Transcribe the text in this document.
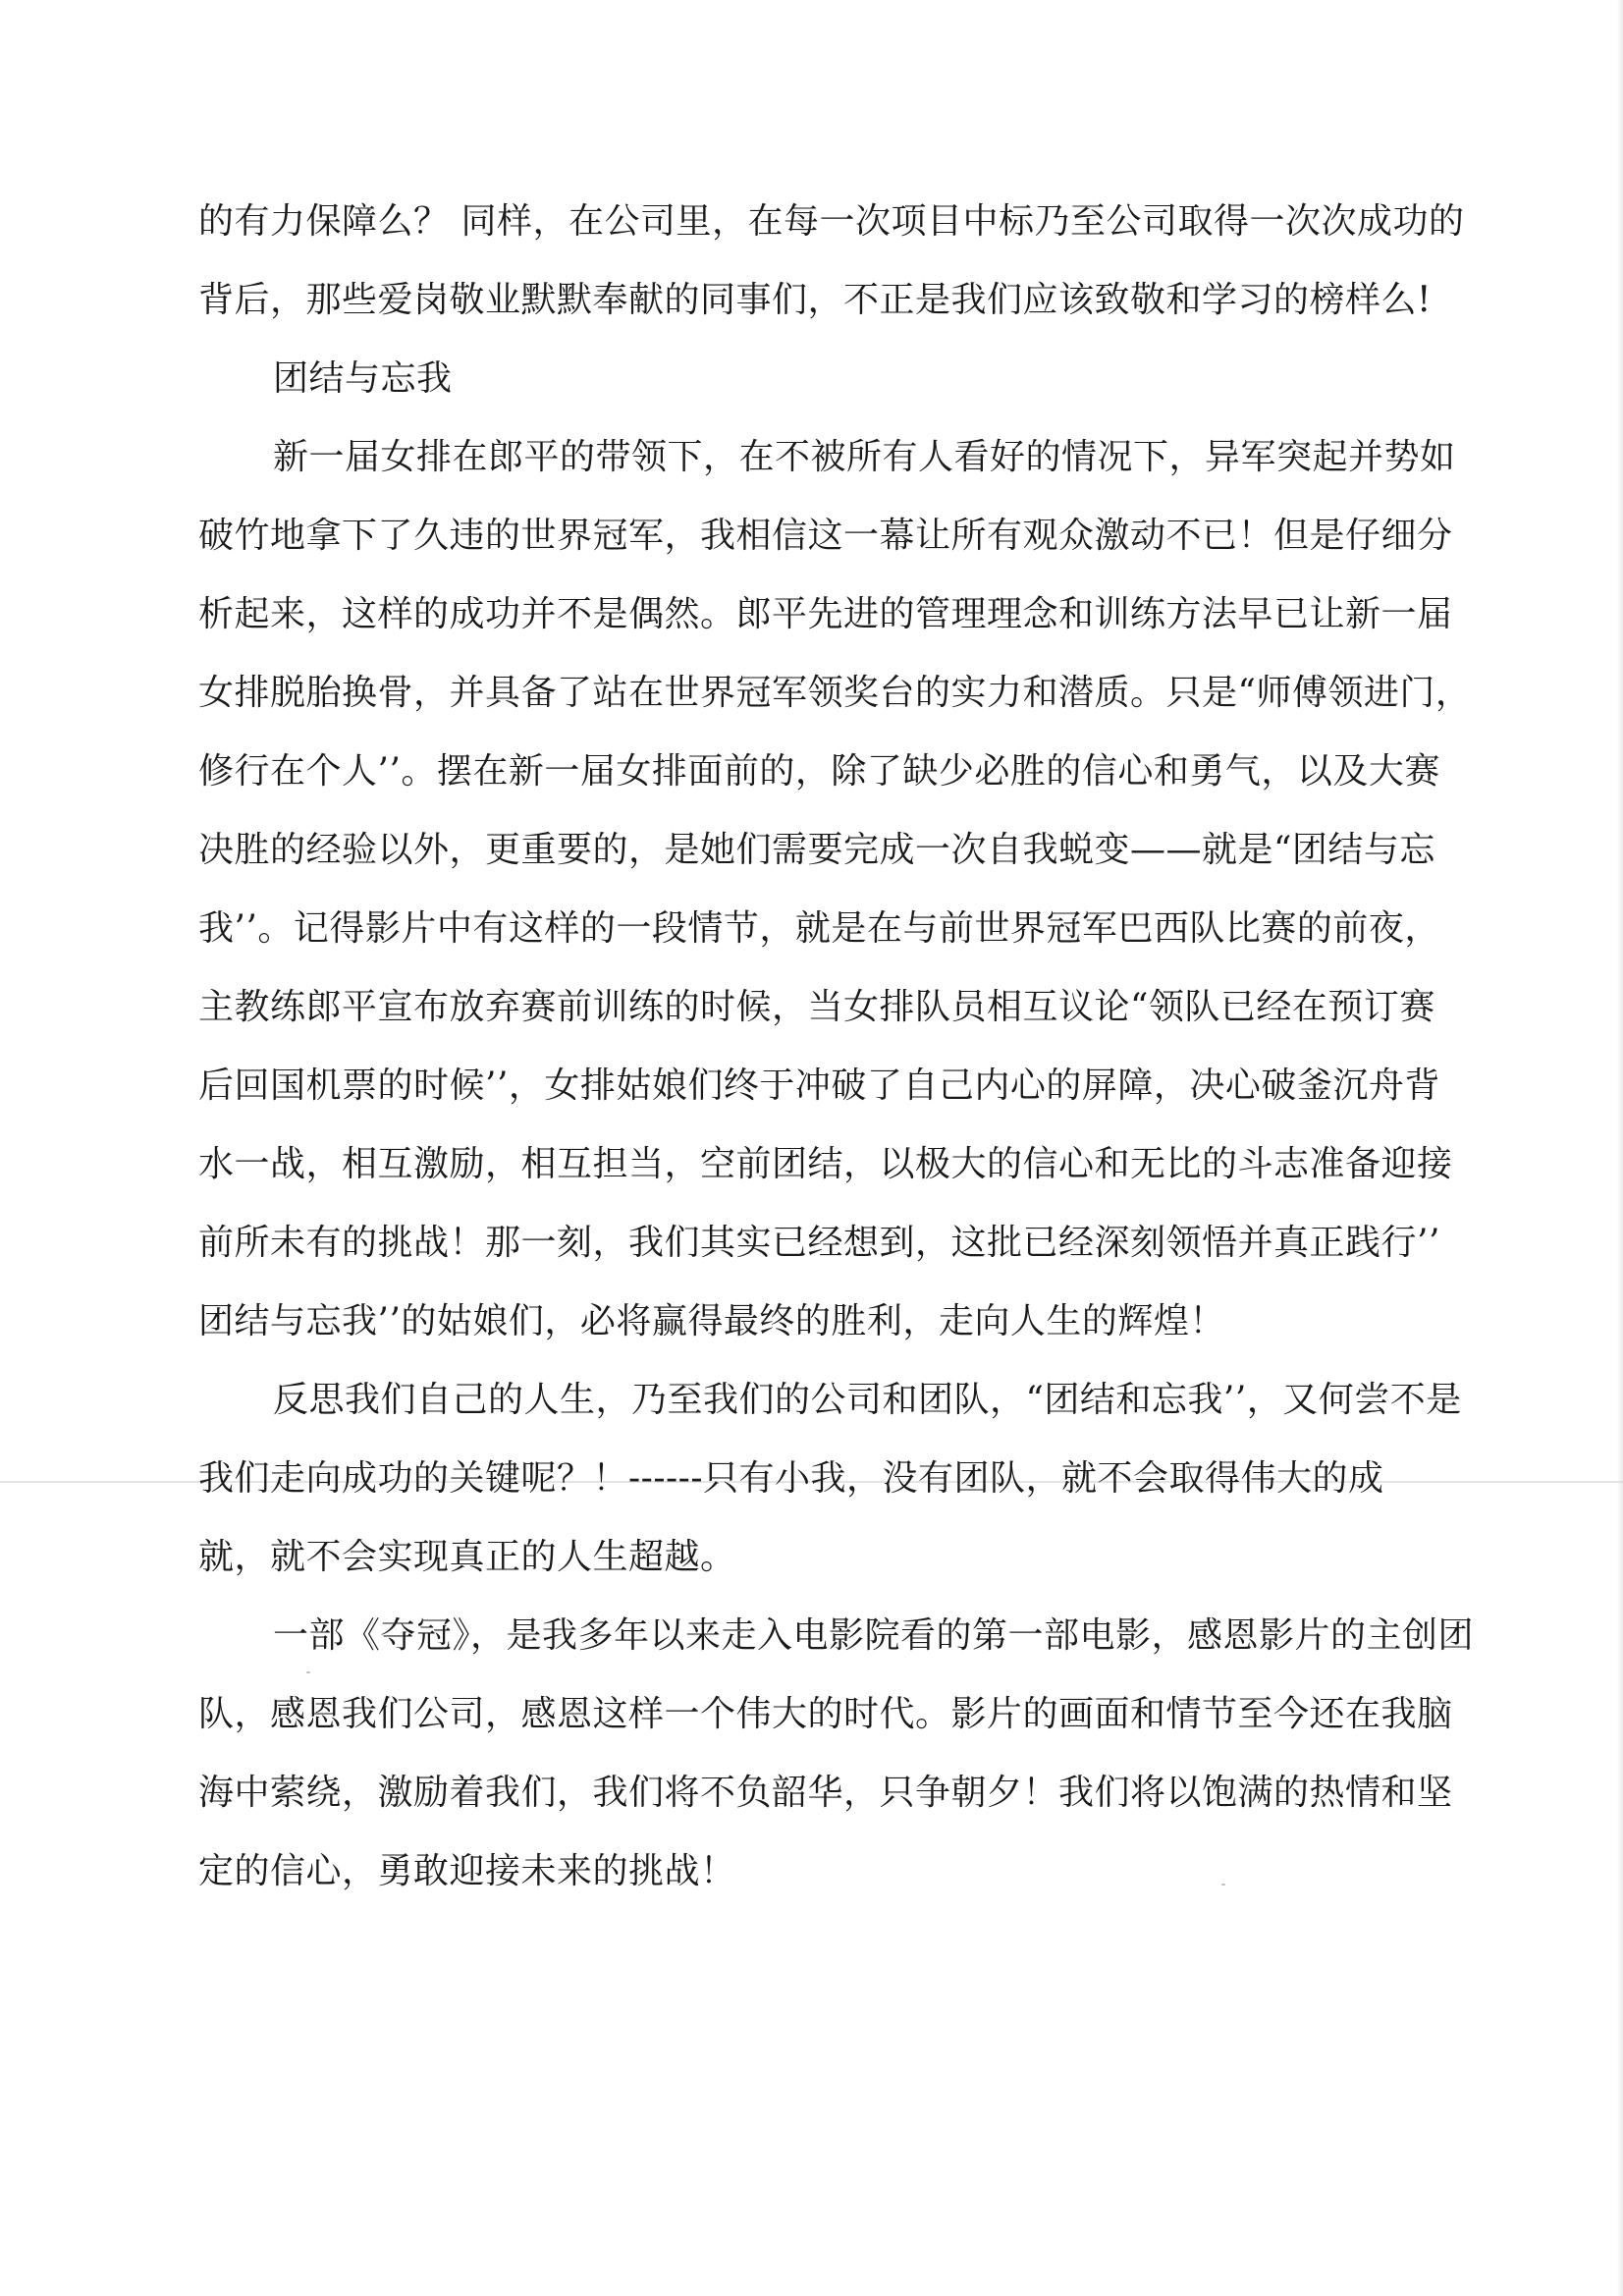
的有力保障么？ 同样，在公司里，在每一次项目中标乃至公司取得一次次成功的
背后，那些爱岗敬业默默奉献的同事们，不正是我们应该致敬和学习的榜样么!
团结与忘我
新一届女排在郎平的带领下，在不被所有人看好的情况下，异军突起并势如
破竹地拿下了久违的世界冠军，我相信这一幕让所有观众激动不已！但是仔细分
析起来，这样的成功并不是偶然。郎平先进的管理理念和训练方法早已让新一届
女排脱胎换骨，并具备了站在世界冠军领奖台的实力和潜质。只是“师傅领进门，
修行在个人’’。摆在新一届女排面前的，除了缺少必胜的信心和勇气，以及大赛
决胜的经验以外，更重要的，是她们需要完成一次自我蜕变——就是“团结与忘
我’’。记得影片中有这样的一段情节，就是在与前世界冠军巴西队比赛的前夜，
主教练郎平宣布放弃赛前训练的时候，当女排队员相互议论“领队已经在预订赛
后回国机票的时候’’，女排姑娘们终于冲破了自己内心的屏障，决心破釜沉舟背
水一战，相互激励，相互担当，空前团结，以极大的信心和无比的斗志准备迎接
前所未有的挑战！那一刻，我们其实已经想到，这批已经深刻领悟并真正践行’’
团结与忘我’’的姑娘们，必将赢得最终的胜利，走向人生的辉煌！
反思我们自己的人生，乃至我们的公司和团队，“团结和忘我’’，又何尝不是
我们走向成功的关键呢？！------只有小我，没有团队，就不会取得伟大的成
就，就不会实现真正的人生超越。
一部《夺冠》，是我多年以来走入电影院看的第一部电影，感恩影片的主创团
队，感恩我们公司，感恩这样一个伟大的时代。影片的画面和情节至今还在我脑
海中萦绕，激励着我们，我们将不负韶华，只争朝夕！我们将以饱满的热情和坚
定的信心，勇敢迎接未来的挑战！
